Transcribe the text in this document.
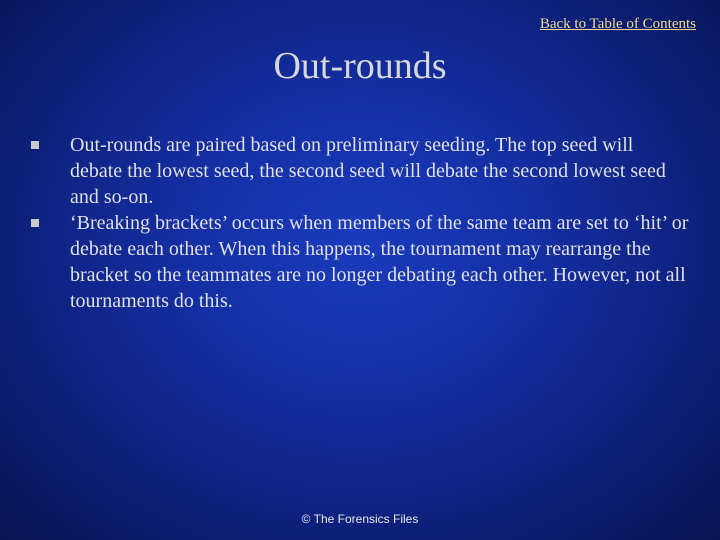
Back to Table of Contents
Out-rounds
Out-rounds are paired based on preliminary seeding. The top seed will debate the lowest seed, the second seed will debate the second lowest seed and so-on.
‘Breaking brackets’ occurs when members of the same team are set to ‘hit’ or debate each other. When this happens, the tournament may rearrange the bracket so the teammates are no longer debating each other. However, not all tournaments do this.
© The Forensics Files
